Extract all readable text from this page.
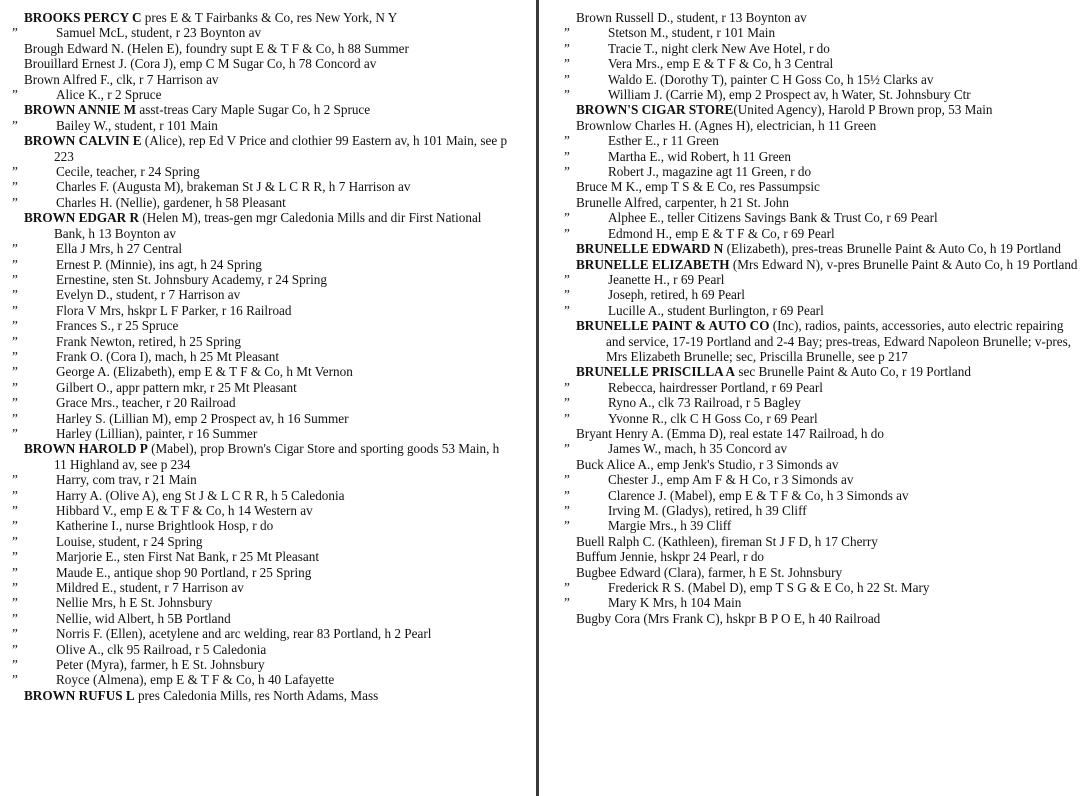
BROOKS PERCY C pres E & T Fairbanks & Co, res New York, N Y

”	Samuel McL, student, r 23 Boynton av

Brough Edward N. (Helen E), foundry supt E & T F & Co, h 88 Summer

Brouillard Ernest J. (Cora J), emp C M Sugar Co, h 78 Concord av

Brown Alfred F., clk, r 7 Harrison av

”	Alice K., r 2 Spruce

BROWN ANNIE M asst-treas Cary Maple Sugar Co, h 2 Spruce

”	Bailey W., student, r 101 Main

BROWN CALVIN E (Alice), rep Ed V Price and clothier 99 Eastern av, h 101 Main, see p 223

”	Cecile, teacher, r 24 Spring

”	Charles F. (Augusta M), brakeman St J & L C R R, h 7 Harrison av

”	Charles H. (Nellie), gardener, h 58 Pleasant

BROWN EDGAR R (Helen M), treas-gen mgr Caledonia Mills and dir First National Bank, h 13 Boynton av

”	Ella J Mrs, h 27 Central

”	Ernest P. (Minnie), ins agt, h 24 Spring

”	Ernestine, sten St. Johnsbury Academy, r 24 Spring

”	Evelyn D., student, r 7 Harrison av

”	Flora V Mrs, hskpr L F Parker, r 16 Railroad

”	Frances S., r 25 Spruce

”	Frank Newton, retired, h 25 Spring

”	Frank O. (Cora I), mach, h 25 Mt Pleasant

”	George A. (Elizabeth), emp E & T F & Co, h Mt Vernon

”	Gilbert O., appr pattern mkr, r 25 Mt Pleasant

”	Grace Mrs., teacher, r 20 Railroad

”	Harley S. (Lillian M), emp 2 Prospect av, h 16 Summer

”	Harley (Lillian), painter, r 16 Summer

BROWN HAROLD P (Mabel), prop Brown's Cigar Store and sporting goods 53 Main, h 11 Highland av, see p 234

”	Harry, com trav, r 21 Main

”	Harry A. (Olive A), eng St J & L C R R, h 5 Caledonia

”	Hibbard V., emp E & T F & Co, h 14 Western av

”	Katherine I., nurse Brightlook Hosp, r do

”	Louise, student, r 24 Spring

”	Marjorie E., sten First Nat Bank, r 25 Mt Pleasant

”	Maude E., antique shop 90 Portland, r 25 Spring

”	Mildred E., student, r 7 Harrison av

”	Nellie Mrs, h E St. Johnsbury

”	Nellie, wid Albert, h 5B Portland

”	Norris F. (Ellen), acetylene and arc welding, rear 83 Portland, h 2 Pearl

”	Olive A., clk 95 Railroad, r 5 Caledonia

”	Peter (Myra), farmer, h E St. Johnsbury

”	Royce (Almena), emp E & T F & Co, h 40 Lafayette

BROWN RUFUS L pres Caledonia Mills, res North Adams, Mass

Brown Russell D., student, r 13 Boynton av

”	Stetson M., student, r 101 Main

”	Tracie T., night clerk New Ave Hotel, r do

”	Vera Mrs., emp E & T F & Co, h 3 Central

”	Waldo E. (Dorothy T), painter C H Goss Co, h 15½ Clarks av

”	William J. (Carrie M), emp 2 Prospect av, h Water, St. Johnsbury Ctr

BROWN'S CIGAR STORE(United Agency), Harold P Brown prop, 53 Main

Brownlow Charles H. (Agnes H), electrician, h 11 Green

”	Esther E., r 11 Green

”	Martha E., wid Robert, h 11 Green

”	Robert J., magazine agt 11 Green, r do

Bruce M K., emp T S & E Co, res Passumpsic

Brunelle Alfred, carpenter, h 21 St. John

”	Alphee E., teller Citizens Savings Bank & Trust Co, r 69 Pearl

”	Edmond H., emp E & T F & Co, r 69 Pearl

BRUNELLE EDWARD N (Elizabeth), pres-treas Brunelle Paint & Auto Co, h 19 Portland

BRUNELLE ELIZABETH (Mrs Edward N), v-pres Brunelle Paint & Auto Co, h 19 Portland

”	Jeanette H., r 69 Pearl

”	Joseph, retired, h 69 Pearl

”	Lucille A., student Burlington, r 69 Pearl

BRUNELLE PAINT & AUTO CO (Inc), radios, paints, accessories, auto electric repairing and service, 17-19 Portland and 2-4 Bay; pres-treas, Edward Napoleon Brunelle; v-pres, Mrs Elizabeth Brunelle; sec, Priscilla Brunelle, see p 217

BRUNELLE PRISCILLA A sec Brunelle Paint & Auto Co, r 19 Portland

”	Rebecca, hairdresser Portland, r 69 Pearl

”	Ryno A., clk 73 Railroad, r 5 Bagley

”	Yvonne R., clk C H Goss Co, r 69 Pearl

Bryant Henry A. (Emma D), real estate 147 Railroad, h do

”	James W., mach, h 35 Concord av

Buck Alice A., emp Jenk's Studio, r 3 Simonds av

”	Chester J., emp Am F & H Co, r 3 Simonds av

”	Clarence J. (Mabel), emp E & T F & Co, h 3 Simonds av

”	Irving M. (Gladys), retired, h 39 Cliff

”	Margie Mrs., h 39 Cliff

Buell Ralph C. (Kathleen), fireman St J F D, h 17 Cherry

Buffum Jennie, hskpr 24 Pearl, r do

Bugbee Edward (Clara), farmer, h E St. Johnsbury

”	Frederick R S. (Mabel D), emp T S G & E Co, h 22 St. Mary

”	Mary K Mrs, h 104 Main

Bugby Cora (Mrs Frank C), hskpr B P O E, h 40 Railroad
